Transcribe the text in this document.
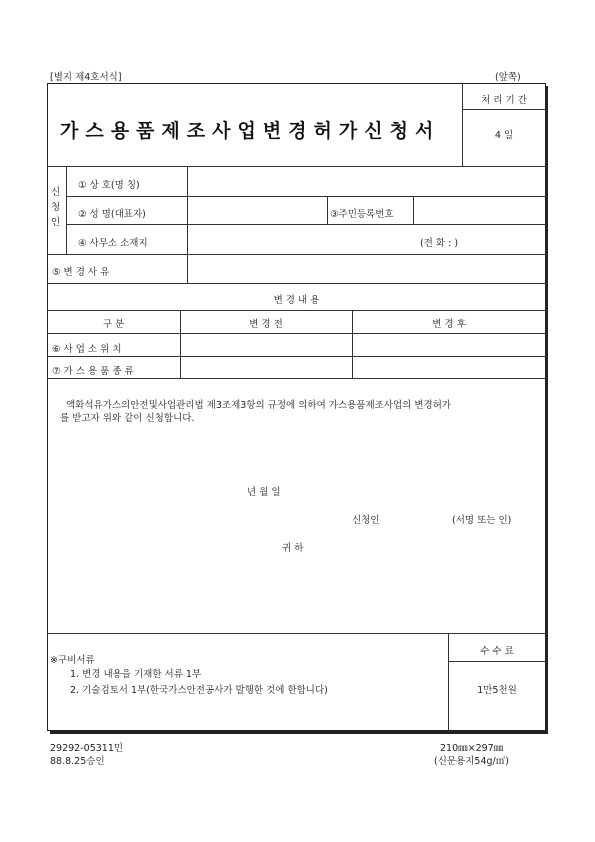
[별지 제4호서식]	(앞쪽)
가스용품제조사업변경허가신청서
처 리 기 간
4 일
신
청
인
① 상 호(명 칭)
② 성 명(대표자)	③주민등록번호
④ 사무소 소재지	(전 화 : )
⑤ 변 경 사 유
변 경 내 용
구 분	변 경 전	변 경 후
⑥ 사 업 소 위 치
⑦ 가 스 용 품 종 류
액화석유가스의안전및사업관리법 제3조제3항의 규정에 의하여 가스용품제조사업의 변경허가
를 받고자 위와 같이 신청합니다.
년 월 일
신청인	(서명 또는 인)
귀 하
수 수 료
1만5천원
※구비서류
1. 변경 내용을 기재한 서류 1부
2. 기술검토서 1부(한국가스안전공사가 발행한 것에 한합니다)
29292-05311민
88.8.25승인
210㎜×297㎜
(신문용지54g/㎡)
